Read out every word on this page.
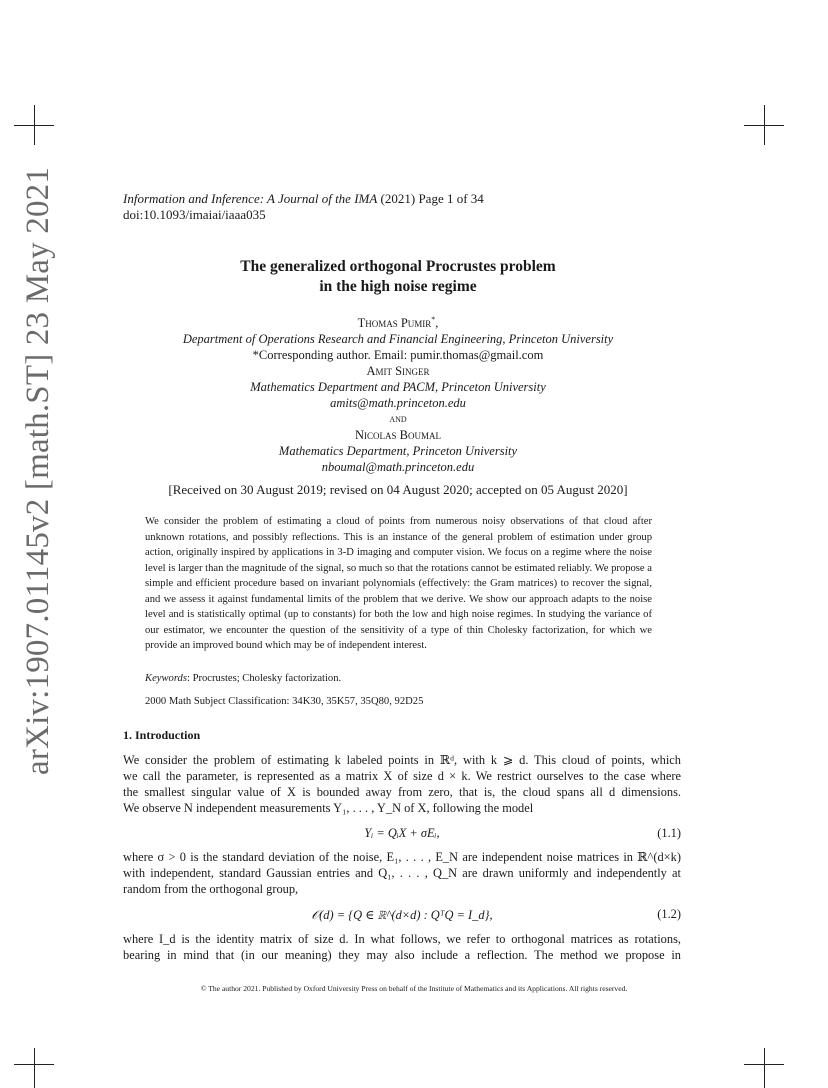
arXiv:1907.01145v2 [math.ST] 23 May 2021	Information and Inference: A Journal of the IMA (2021) Page 1 of 34
doi:10.1093/imaiai/iaaa035
The generalized orthogonal Procrustes problem
in the high noise regime
Thomas Pumir*,
Department of Operations Research and Financial Engineering, Princeton University
*Corresponding author. Email: pumir.thomas@gmail.com
Amit Singer
Mathematics Department and PACM, Princeton University
amits@math.princeton.edu
and
Nicolas Boumal
Mathematics Department, Princeton University
nboumal@math.princeton.edu
[Received on 30 August 2019; revised on 04 August 2020; accepted on 05 August 2020]
We consider the problem of estimating a cloud of points from numerous noisy observations of that cloud after unknown rotations, and possibly reflections. This is an instance of the general problem of estimation under group action, originally inspired by applications in 3-D imaging and computer vision. We focus on a regime where the noise level is larger than the magnitude of the signal, so much so that the rotations cannot be estimated reliably. We propose a simple and efficient procedure based on invariant polynomials (effectively: the Gram matrices) to recover the signal, and we assess it against fundamental limits of the problem that we derive. We show our approach adapts to the noise level and is statistically optimal (up to constants) for both the low and high noise regimes. In studying the variance of our estimator, we encounter the question of the sensitivity of a type of thin Cholesky factorization, for which we provide an improved bound which may be of independent interest.
Keywords: Procrustes; Cholesky factorization.
2000 Math Subject Classification: 34K30, 35K57, 35Q80, 92D25
1. Introduction
We consider the problem of estimating k labeled points in ℝᵈ, with k ⩾ d. This cloud of points, which
we call the parameter, is represented as a matrix X of size d × k. We restrict ourselves to the case where
the smallest singular value of X is bounded away from zero, that is, the cloud spans all d dimensions.
We observe N independent measurements Y₁, . . . , Y_N of X, following the model
Yᵢ = QᵢX + σEᵢ,	(1.1)
where σ > 0 is the standard deviation of the noise, E₁, . . . , E_N are independent noise matrices in ℝ^(d×k)
with independent, standard Gaussian entries and Q₁, . . . , Q_N are drawn uniformly and independently at
random from the orthogonal group,
𝒪(d) = {Q ∈ ℝ^(d×d) : QᵀQ = I_d},	(1.2)
where I_d is the identity matrix of size d. In what follows, we refer to orthogonal matrices as rotations,
bearing in mind that (in our meaning) they may also include a reflection. The method we propose in
© The author 2021. Published by Oxford University Press on behalf of the Institute of Mathematics and its Applications. All rights reserved.
